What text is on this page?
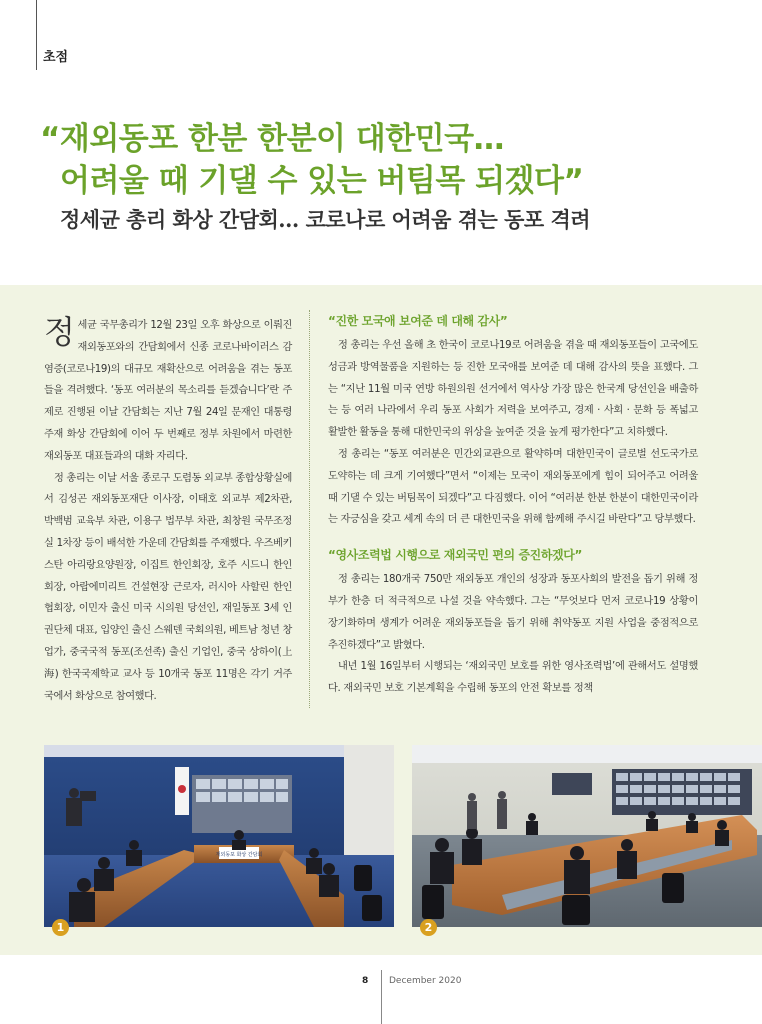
초점
“재외동포 한분 한분이 대한민국…
어려울 때 기댈 수 있는 버팀목 되겠다”
정세균 총리 화상 간담회… 코로나로 어려움 겪는 동포 격려

정세균 국무총리가 12월 23일 오후 화상으로 이뤄진 재외동포와의 간담회에서 신종 코로나바이러스 감염증(코로나19)의 대규모 재확산으로 어려움을 겪는 동포들을 격려했다. ‘동포 여러분의 목소리를 듣겠습니다’란 주제로 진행된 이날 간담회는 지난 7월 24일 문재인 대통령 주재 화상 간담회에 이어 두 번째로 정부 차원에서 마련한 재외동포 대표들과의 대화 자리다.

정 총리는 이날 서울 종로구 도렴동 외교부 종합상황실에서 김성곤 재외동포재단 이사장, 이태호 외교부 제2차관, 박백범 교육부 차관, 이용구 법무부 차관, 최창원 국무조정실 1차장 등이 배석한 가운데 간담회를 주재했다. 우즈베키스탄 아리랑요양원장, 이집트 한인회장, 호주 시드니 한인회장, 아랍에미리트 건설현장 근로자, 러시아 사할린 한인협회장, 이민자 출신 미국 시의원 당선인, 재일동포 3세 인권단체 대표, 입양인 출신 스웨덴 국회의원, 베트남 청년 창업가, 중국국적 동포(조선족) 출신 기업인, 중국 상하이(上海) 한국국제학교 교사 등 10개국 동포 11명은 각기 거주국에서 화상으로 참여했다.

“진한 모국애 보여준 데 대해 감사”

정 총리는 우선 올해 초 한국이 코로나19로 어려움을 겪을 때 재외동포들이 고국에도 성금과 방역물품을 지원하는 등 진한 모국애를 보여준 데 대해 감사의 뜻을 표했다. 그는 “지난 11월 미국 연방 하원의원 선거에서 역사상 가장 많은 한국계 당선인을 배출하는 등 여러 나라에서 우리 동포 사회가 저력을 보여주고, 경제 · 사회 · 문화 등 폭넓고 활발한 활동을 통해 대한민국의 위상을 높여준 것을 높게 평가한다”고 치하했다.

정 총리는 “동포 여러분은 민간외교관으로 활약하며 대한민국이 글로벌 선도국가로 도약하는 데 크게 기여했다”면서 “이제는 모국이 재외동포에게 힘이 되어주고 어려울 때 기댈 수 있는 버팀목이 되겠다”고 다짐했다. 이어 “여러분 한분 한분이 대한민국이라는 자긍심을 갖고 세계 속의 더 큰 대한민국을 위해 함께해 주시길 바란다”고 당부했다.

“영사조력법 시행으로 재외국민 편의 증진하겠다”

정 총리는 180개국 750만 재외동포 개인의 성장과 동포사회의 발전을 돕기 위해 정부가 한층 더 적극적으로 나설 것을 약속했다. 그는 “무엇보다 먼저 코로나19 상황이 장기화하며 생계가 어려운 재외동포들을 돕기 위해 취약동포 지원 사업을 중점적으로 추진하겠다”고 밝혔다.

내년 1월 16일부터 시행되는 ‘재외국민 보호를 위한 영사조력법’에 관해서도 설명했다. 재외국민 보호 기본계획을 수립해 동포의 안전 확보를 정책

재외동포 화상 간담회
1	2
8 December 2020
